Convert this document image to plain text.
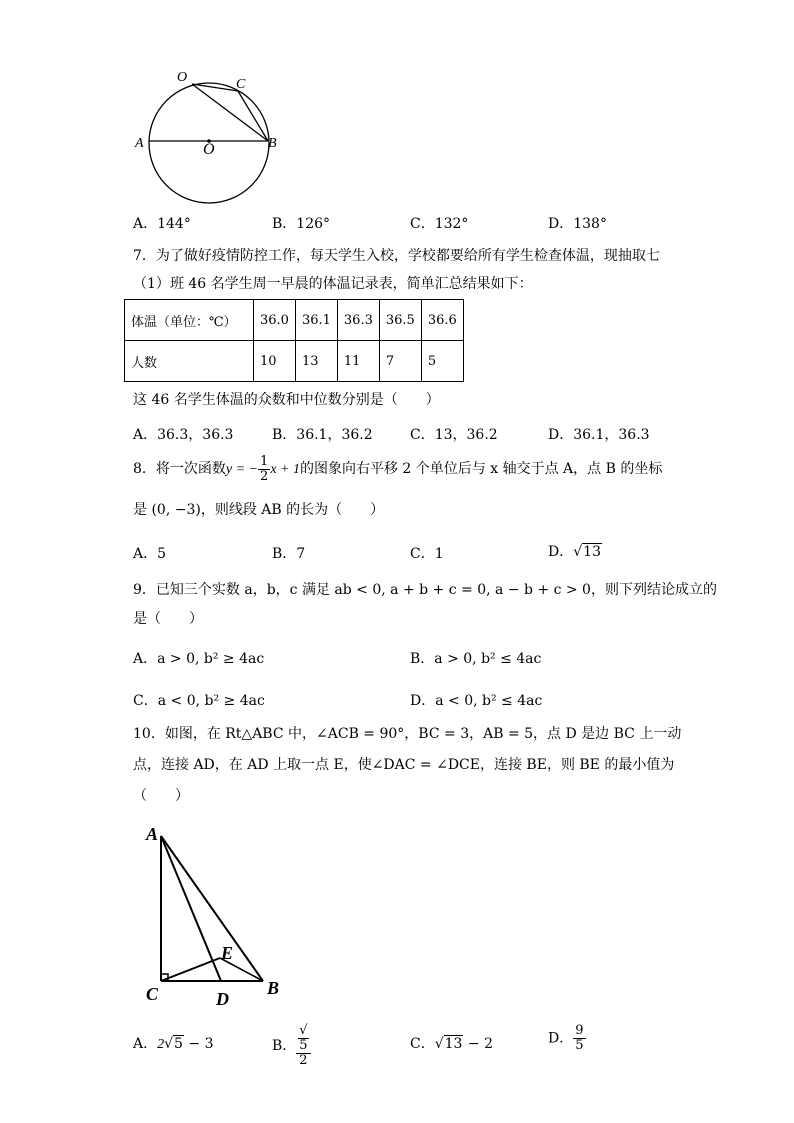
O	C
A	O	B
A．144°	B．126°	C．132°	D．138°
7．为了做好疫情防控工作，每天学生入校，学校都要给所有学生检查体温，现抽取七
（1）班 46 名学生周一早晨的体温记录表，简单汇总结果如下：
体温（单位：℃）	36.0	36.1	36.3	36.5	36.6
人数	10	13	11	7	5
这 46 名学生体温的众数和中位数分别是（　　）
A．36.3，36.3	B．36.1，36.2	C．13，36.2	D．36.1，36.3
8．将一次函数y = − $\frac{1}{2}$ x + 1的图象向右平移 2 个单位后与 x 轴交于点 A，点 B 的坐标
是 (0, −3)，则线段 AB 的长为（　　）
A．5	B．7	C．1	D．√13
9．已知三个实数 a，b，c 满足 ab < 0, a + b + c = 0, a − b + c > 0，则下列结论成立的
是（　　）
A．a > 0, b² ≥ 4ac	B．a > 0, b² ≤ 4ac
C．a < 0, b² ≥ 4ac	D．a < 0, b² ≤ 4ac
10．如图，在 Rt△ABC 中，∠ACB = 90°，BC = 3，AB = 5，点 D 是边 BC 上一动
点，连接 AD，在 AD 上取一点 E，使∠DAC = ∠DCE，连接 BE，则 BE 的最小值为
（　　）
A
E
C	D
B
A．2√5 − 3	B． √
5
2	C．√13 − 2	D． $\frac{9}{5}$
